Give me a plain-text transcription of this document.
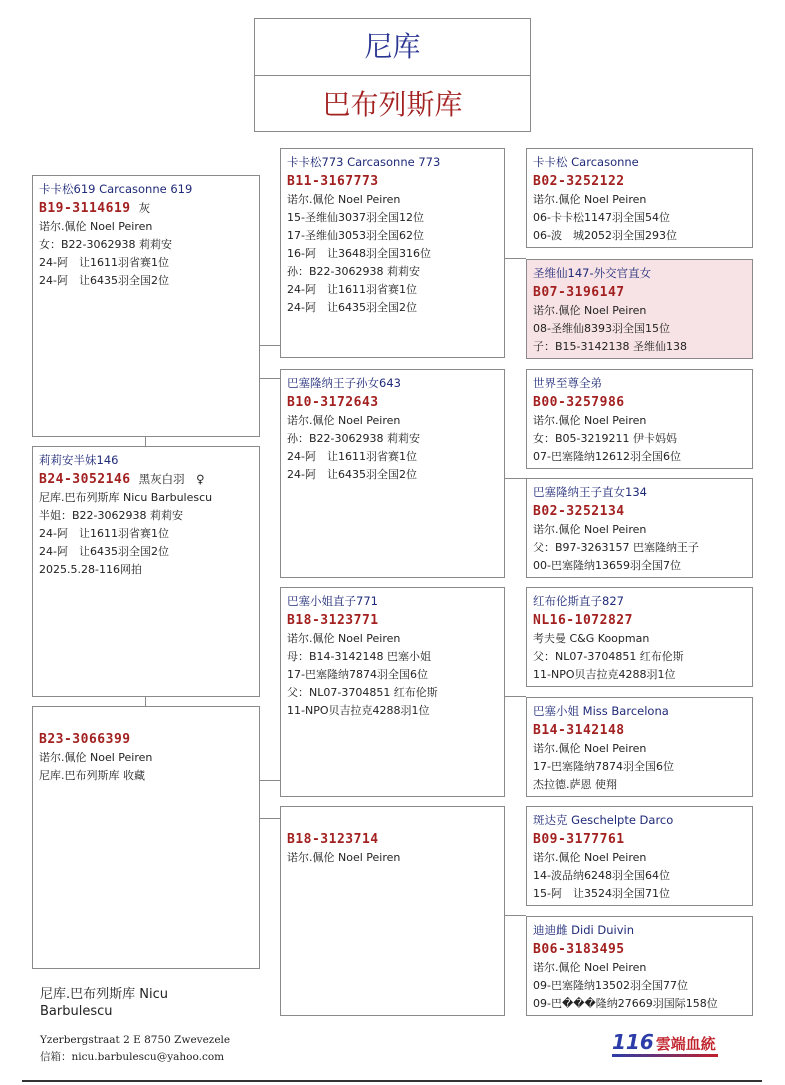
尼库
巴布列斯库
卡卡松619 Carcasonne 619
B19-3114619 灰
诺尔.佩伦 Noel Peiren
女：B22-3062938 莉莉安
24-阿　让1611羽省赛1位
24-阿　让6435羽全国2位
莉莉安半妹146
B24-3052146 黑灰白羽　♀
尼库.巴布列斯库 Nicu Barbulescu
半姐：B22-3062938 莉莉安
24-阿　让1611羽省赛1位
24-阿　让6435羽全国2位
2025.5.28-116网拍
B23-3066399
诺尔.佩伦 Noel Peiren
尼库.巴布列斯库 收藏
卡卡松773 Carcasonne 773
B11-3167773
诺尔.佩伦 Noel Peiren
15-圣维仙3037羽全国12位
17-圣维仙3053羽全国62位
16-阿　让3648羽全国316位
孙：B22-3062938 莉莉安
24-阿　让1611羽省赛1位
24-阿　让6435羽全国2位
巴塞隆纳王子孙女643
B10-3172643
诺尔.佩伦 Noel Peiren
孙：B22-3062938 莉莉安
24-阿　让1611羽省赛1位
24-阿　让6435羽全国2位
巴塞小姐直子771
B18-3123771
诺尔.佩伦 Noel Peiren
母：B14-3142148 巴塞小姐
17-巴塞隆纳7874羽全国6位
父：NL07-3704851 红布伦斯
11-NPO贝吉拉克4288羽1位
B18-3123714
诺尔.佩伦 Noel Peiren
卡卡松 Carcasonne
B02-3252122
诺尔.佩伦 Noel Peiren
06-卡卡松1147羽全国54位
06-波　城2052羽全国293位
圣维仙147-外交官直女
B07-3196147
诺尔.佩伦 Noel Peiren
08-圣维仙8393羽全国15位
子：B15-3142138 圣维仙138
世界至尊全弟
B00-3257986
诺尔.佩伦 Noel Peiren
女：B05-3219211 伊卡妈妈
07-巴塞隆纳12612羽全国6位
巴塞隆纳王子直女134
B02-3252134
诺尔.佩伦 Noel Peiren
父：B97-3263157 巴塞隆纳王子
00-巴塞隆纳13659羽全国7位
红布伦斯直子827
NL16-1072827
考夫曼 C&G Koopman
父：NL07-3704851 红布伦斯
11-NPO贝吉拉克4288羽1位
巴塞小姐 Miss Barcelona
B14-3142148
诺尔.佩伦 Noel Peiren
17-巴塞隆纳7874羽全国6位
杰拉德.萨恩 使翔
斑达克 Geschelpte Darco
B09-3177761
诺尔.佩伦 Noel Peiren
14-波品纳6248羽全国64位
15-阿　让3524羽全国71位
迪迪雌 Didi Duivin
B06-3183495
诺尔.佩伦 Noel Peiren
09-巴塞隆纳13502羽全国77位
09-巴���隆纳27669羽国际158位
尼库.巴布列斯库 Nicu
Barbulescu
Yzerbergstraat 2 E 8750 Zwevezele
信箱：nicu.barbulescu@yahoo.com
116 雲端血統
